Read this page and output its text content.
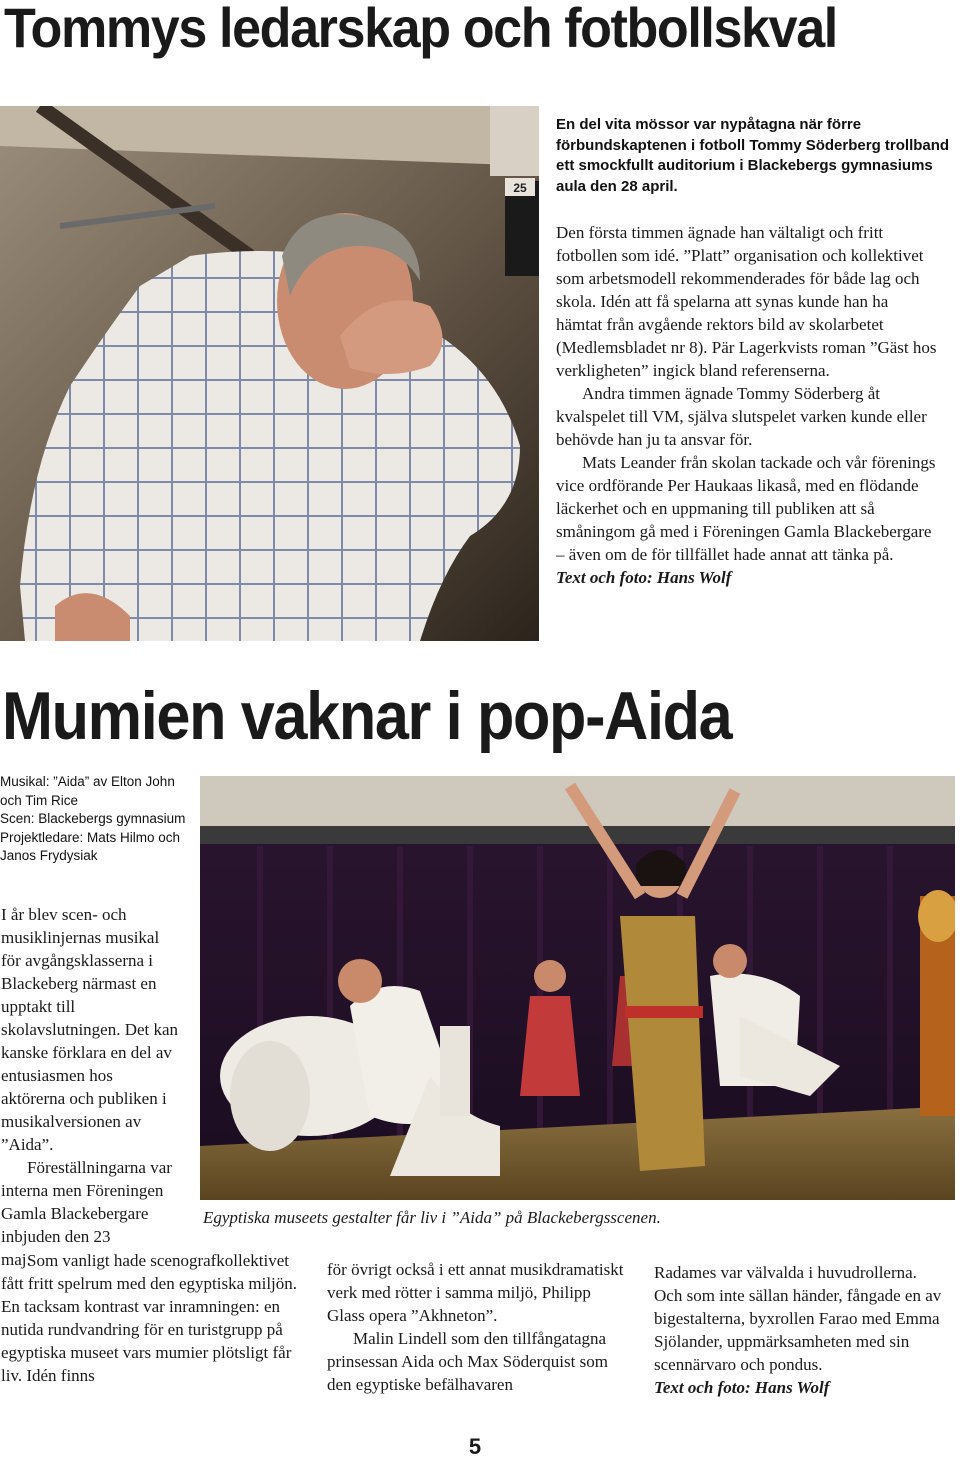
Tommys ledarskap och fotbollskval
25
En del vita mössor var nypåtagna när förre förbundskaptenen i fotboll Tommy Söderberg trollband ett smockfullt auditorium i Blackebergs gymnasiums aula den 28 april.

Den första timmen ägnade han vältaligt och fritt fotbollen som idé. ”Platt” organisation och kollektivet som arbetsmodell rekommenderades för både lag och skola. Idén att få spelarna att synas kunde han ha hämtat från avgående rektors bild av skolarbetet (Medlemsbladet nr 8). Pär Lagerkvists roman ”Gäst hos verkligheten” ingick bland referenserna.

Andra timmen ägnade Tommy Söderberg åt kvalspelet till VM, själva slutspelet varken kunde eller behövde han ju ta ansvar för.

Mats Leander från skolan tackade och vår förenings vice ordförande Per Haukaas likaså, med en flödande läckerhet och en uppmaning till publiken att så småningom gå med i Föreningen Gamla Blackebergare – även om de för tillfället hade annat att tänka på.

Text och foto: Hans Wolf

Mumien vaknar i pop-Aida

Musikal: ”Aida” av Elton John och Tim Rice

Scen: Blackebergs gymnasium

Projektledare: Mats Hilmo och Janos Frydysiak

Egyptiska museets gestalter får liv i ”Aida” på Blackebergsscenen.

I år blev scen- och musiklinjernas musikal för avgångsklasserna i Blackeberg närmast en upptakt till skolavslutningen. Det kan kanske förklara en del av entusiasmen hos aktörerna och publiken i musikalversionen av ”Aida”.

Föreställningarna var interna men Föreningen Gamla Blackebergare inbjuden den 23

maj.

Som vanligt hade scenografkollektivet fått fritt spelrum med den egyptiska miljön. En tacksam kontrast var inramningen: en nutida rundvandring för en turistgrupp på egyptiska museet vars mumier plötsligt får liv. Idén finns

för övrigt också i ett annat musikdramatiskt verk med rötter i samma miljö, Philipp Glass opera ”Akhneton”.

Malin Lindell som den tillfångatagna prinsessan Aida och Max Söderquist som den egyptiske befälhavaren

Radames var välvalda i huvudrollerna. Och som inte sällan händer, fångade en av bigestalterna, byxrollen Farao med Emma Sjölander, uppmärksamheten med sin scennärvaro och pondus.

Text och foto: Hans Wolf

5
